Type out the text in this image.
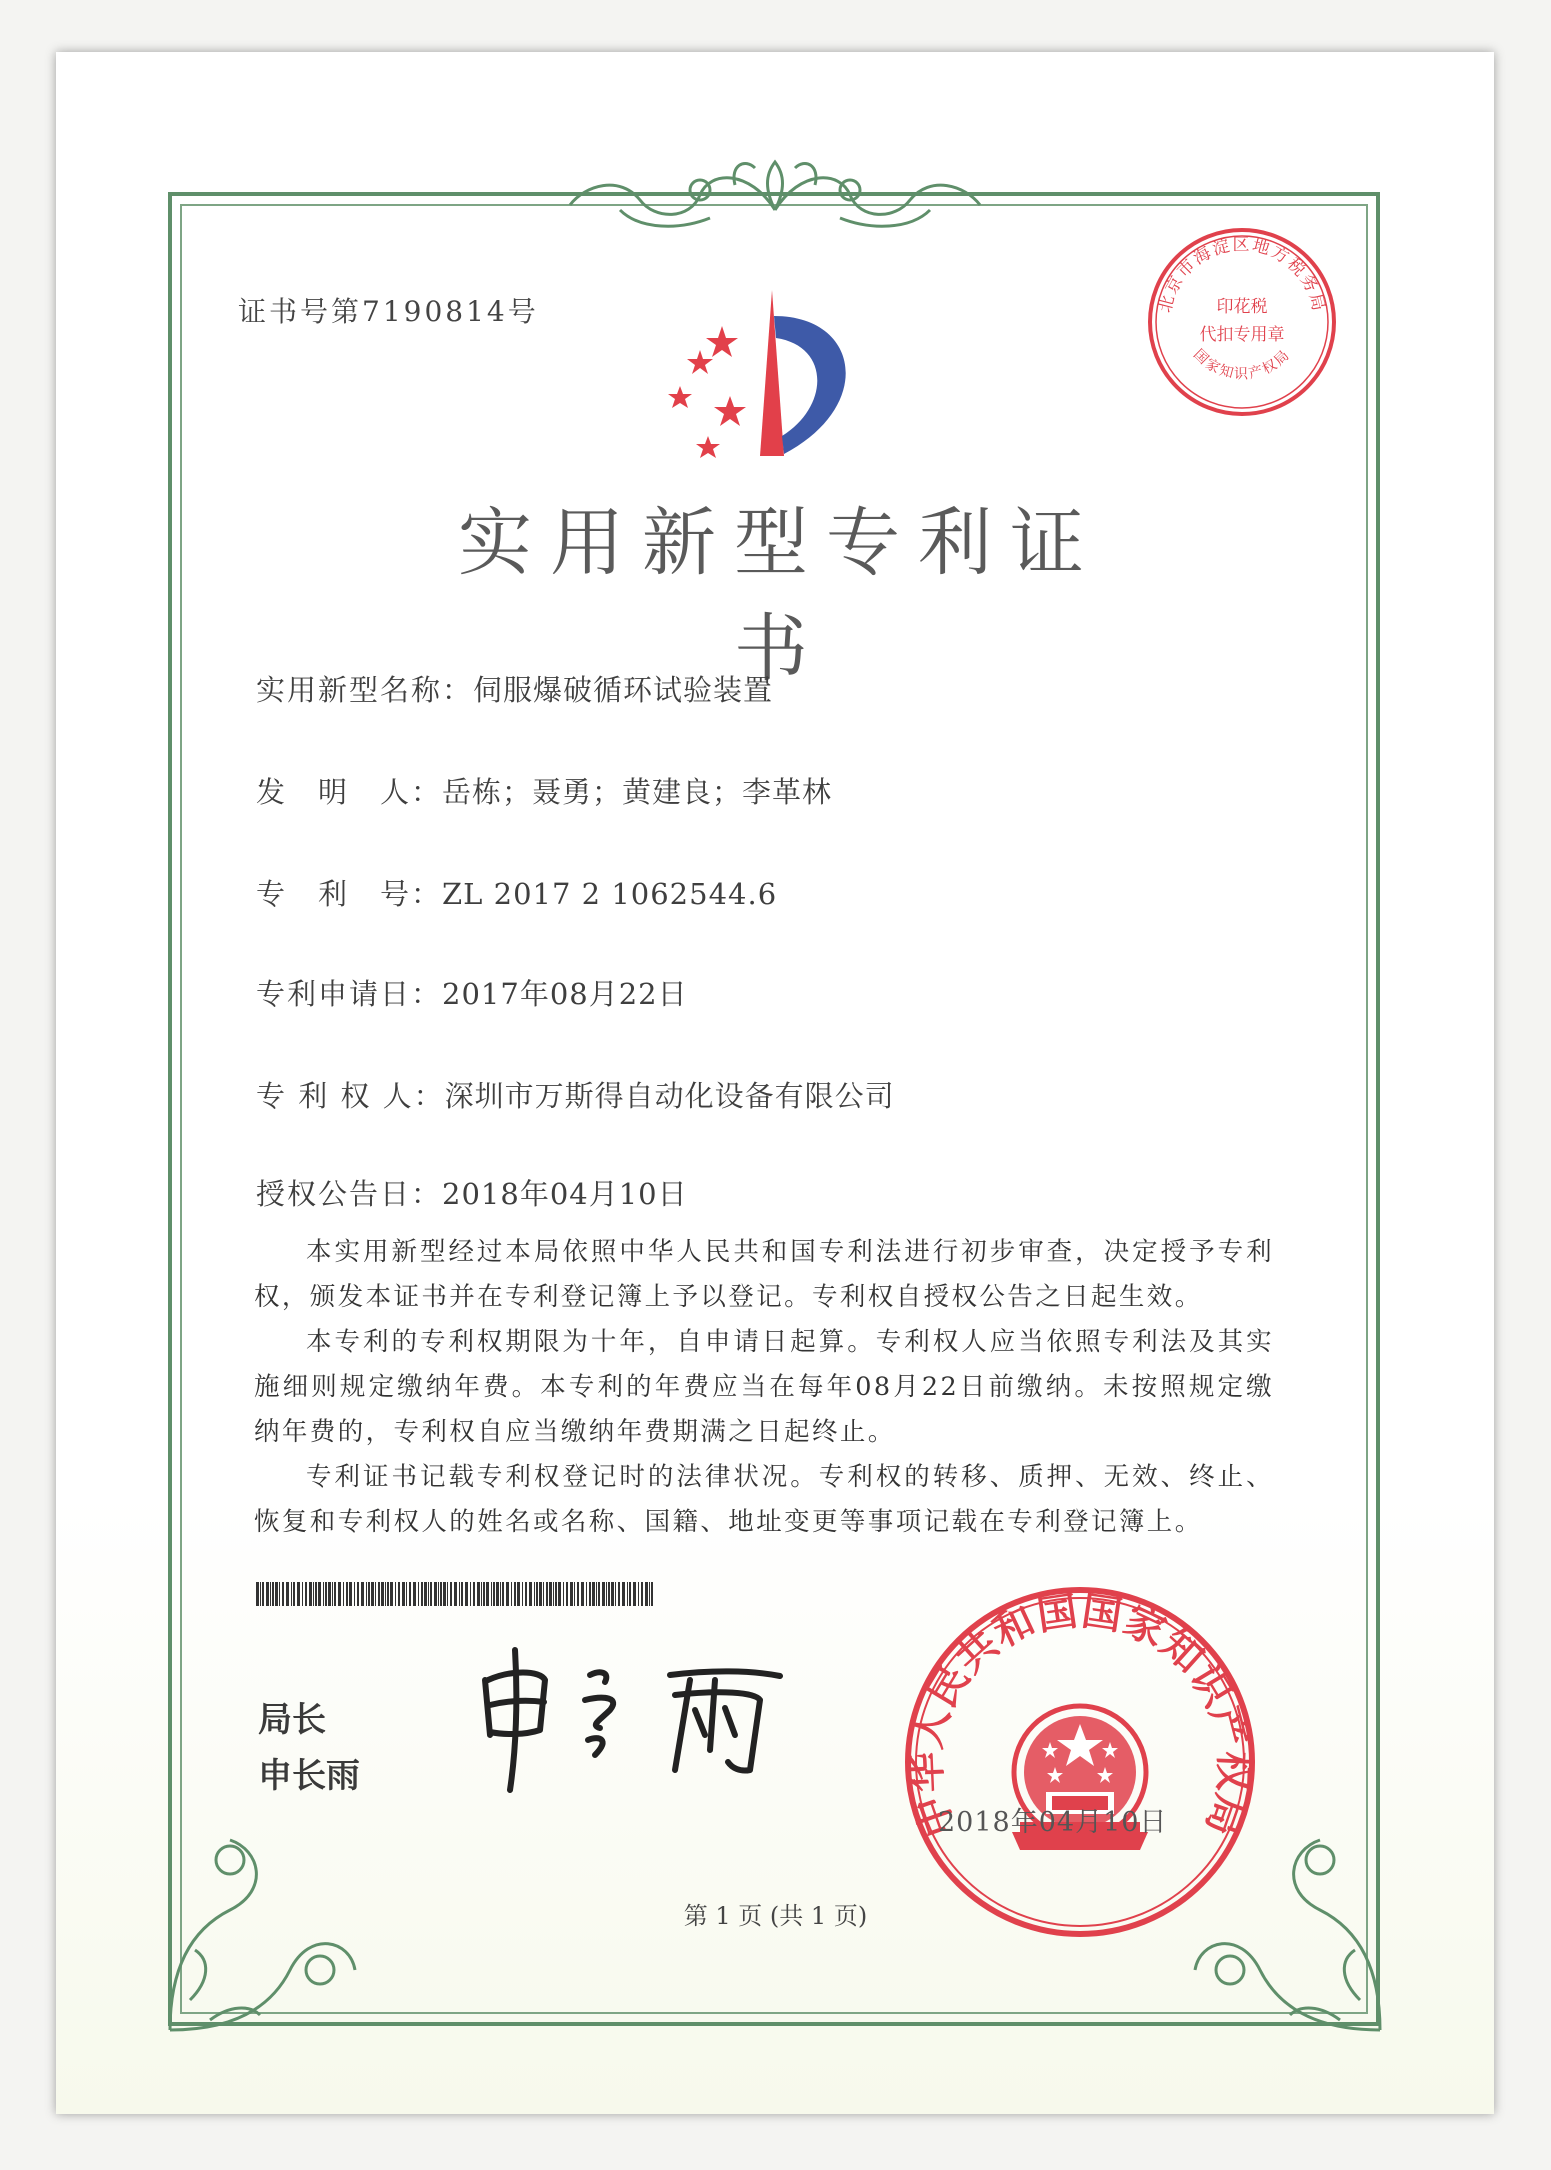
证书号第7190814号
实用新型专利证书
实用新型名称：伺服爆破循环试验装置
发　明　人：岳栋；聂勇；黄建良；李革林
专　利　号：ZL 2017 2 1062544.6
专利申请日：2017年08月22日
专 利 权 人：深圳市万斯得自动化设备有限公司
授权公告日：2018年04月10日

本实用新型经过本局依照中华人民共和国专利法进行初步审查，决定授予专利权，颁发本证书并在专利登记簿上予以登记。专利权自授权公告之日起生效。

本专利的专利权期限为十年，自申请日起算。专利权人应当依照专利法及其实施细则规定缴纳年费。本专利的年费应当在每年08月22日前缴纳。未按照规定缴纳年费的，专利权自应当缴纳年费期满之日起终止。

专利证书记载专利权登记时的法律状况。专利权的转移、质押、无效、终止、恢复和专利权人的姓名或名称、国籍、地址变更等事项记载在专利登记簿上。

局长
申长雨
北京市海淀区地方税务局
印花税
代扣专用章
国家知识产权局
中华人民共和国国家知识产权局
2018年04月10日
第 1 页 (共 1 页)
